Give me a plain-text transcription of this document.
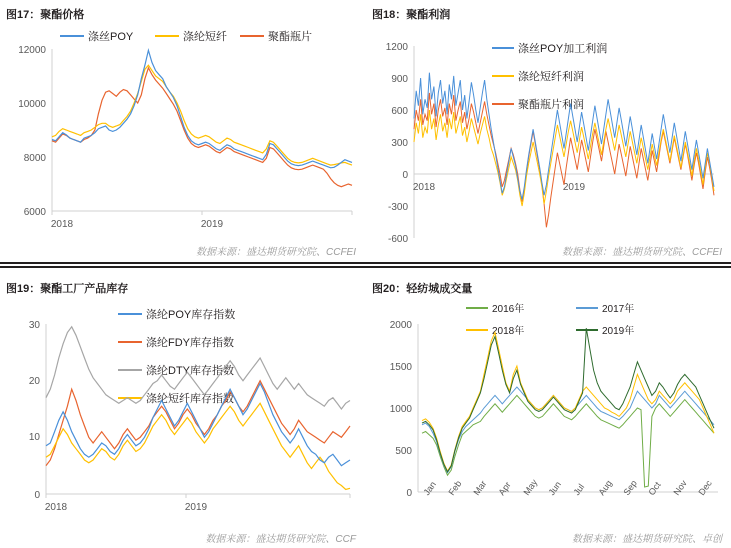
图17：聚酯价格
12000
10000
8000
6000
2018	2019
涤丝POY	涤纶短纤	聚酯瓶片
数据来源：盛达期货研究院、CCFEI
图18：聚酯利润
1200
900
600
300
0
-300
-600
2018	2019
涤丝POY加工利润
涤纶短纤利润
聚酯瓶片利润
数据来源：盛达期货研究院、CCFEI
图19：聚酯工厂产品库存
30
20
10
0
2018	2019
涤纶POY库存指数
涤纶FDY库存指数
涤纶DTY库存指数
涤纶短纤库存指数
数据来源：盛达期货研究院、CCF
图20：轻纺城成交量
2000
1500
1000
500
0 Jan Feb Mar Apr May Jun Jul Aug Sep Oct Nov Dec
2016年	2017年
2018年	2019年
数据来源：盛达期货研究院、卓创
